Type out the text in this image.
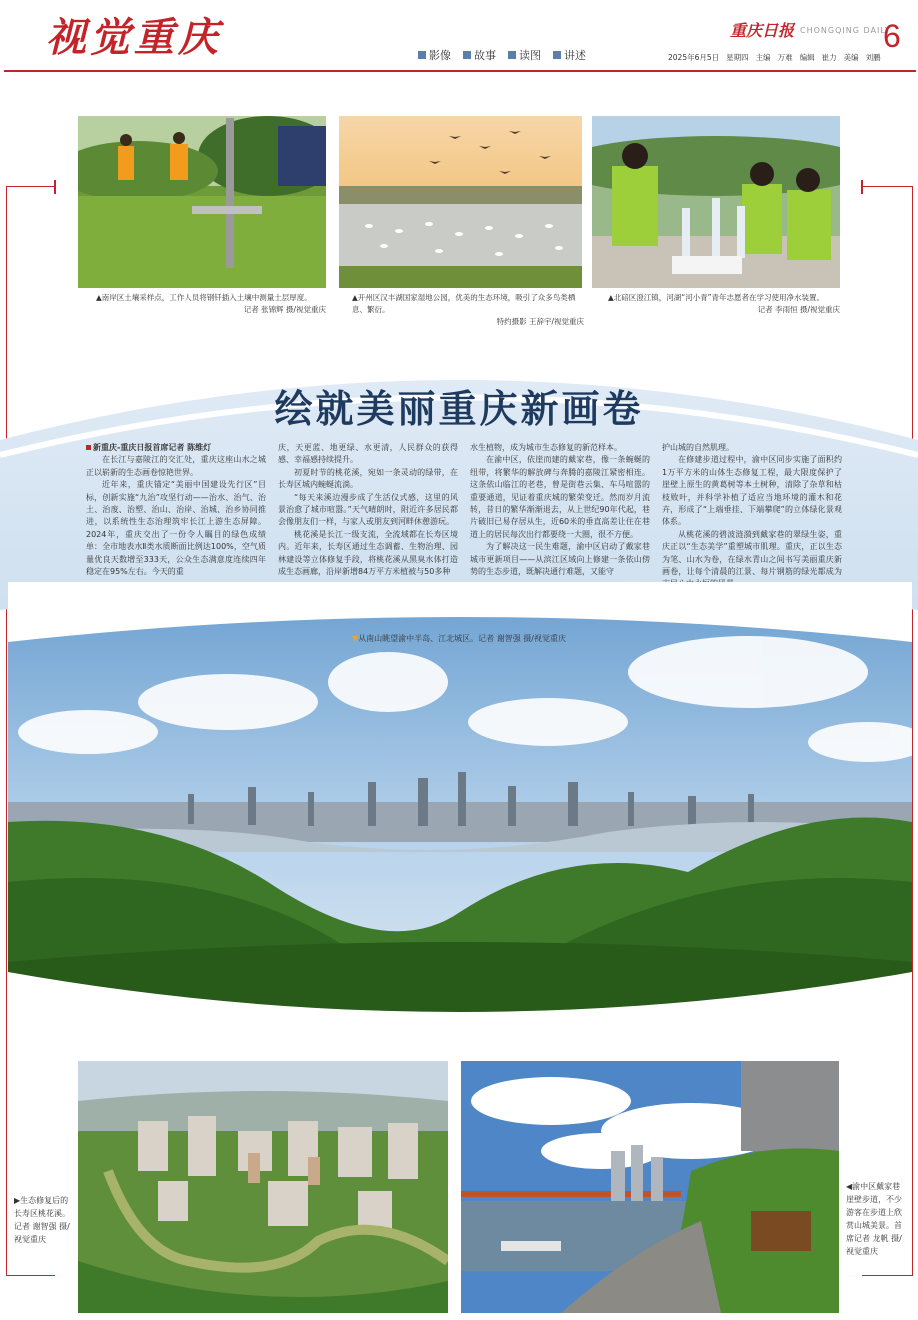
视觉重庆	影像 故事 读图 讲述
重庆日报 CHONGQING DAILY
6
2025年6月5日 星期四 主编 万难 编辑 崔力 美编 刘鹏
▲南岸区土壤采样点，工作人员将钢钎插入土壤中测量土层厚度。
记者 张锦辉 摄/视觉重庆
▲开州区汉丰湖国家湿地公园，优美的生态环境，吸引了众多鸟类栖息、繁衍。
特约摄影 王辞宇/视觉重庆
▲北碚区澄江镇，河湖“河小青”青年志愿者在学习使用净水装置。
记者 李雨恒 摄/视觉重庆
绘就美丽重庆新画卷

新重庆-重庆日报首席记者 陈维灯

在长江与嘉陵江的交汇处，重庆这座山水之城正以崭新的生态画卷惊艳世界。

近年来，重庆锚定“美丽中国建设先行区”目标，创新实施“九治”攻坚行动——治水、治气、治土、治废、治塑、治山、治岸、治城、治乡协同推进，以系统性生态治理筑牢长江上游生态屏障。2024年，重庆交出了一份令人瞩目的绿色成绩单：全市地表水Ⅱ类水质断面比例达100%，空气质量优良天数增至333天，公众生态满意度连续四年稳定在95%左右。今天的重

庆，天更蓝、地更绿、水更清，人民群众的获得感、幸福感持续提升。

初夏时节的桃花溪，宛如一条灵动的绿带，在长寿区城内蜿蜒流淌。

“每天来溪边漫步成了生活仪式感，这里的风景治愈了城市喧嚣。”天气晴朗时，附近许多居民都会像朋友们一样，与家人或朋友到河畔休憩游玩。

桃花溪是长江一级支流，全流域都在长寿区境内。近年来，长寿区通过生态调蓄、生物治理、园林建设等立体修复手段，将桃花溪从黑臭水体打造成生态画廊，沿岸新增84万平方米植被与50多种

水生植物，成为城市生态修复的新范样本。

在渝中区，依崖而建的戴家巷，像一条蜿蜒的纽带，将繁华的解放碑与奔腾的嘉陵江紧密相连。这条依山临江的老巷，曾是街巷云集、车马喧嚣的重要通道，见证着重庆城的繁荣变迁。然而岁月流转，昔日的繁华渐渐退去，从上世纪90年代起，巷片破旧已易存居从生，近60米的垂直高差让住在巷道上的居民每次出行都要绕一大圈，很不方便。

为了解决这一民生难题，渝中区启动了戴家巷城市更新项目——从滨江区域向上修建一条依山傍势的生态步道，既解决通行难题，又能守

护山城的自然肌理。

在修建步道过程中，渝中区同步实施了面积约1万平方米的山体生态修复工程，最大限度保护了崖壁上原生的黄葛树等本土树种，清除了杂草和枯枝败叶，并科学补植了适应当地环境的灌木和花卉，形成了“上端垂挂、下端攀爬”的立体绿化景观体系。

从桃花溪的碧波涟漪到戴家巷的翠绿生姿，重庆正以“生态美学”重塑城市肌理。重庆，正以生态为笔、山水为卷，在绿水青山之间书写美丽重庆新画卷，让每个清晨的江景、每片钢筋的绿光都成为

▼从南山眺望渝中半岛、江北城区。记者 谢智强 摄/视觉重庆
▶生态修复后的长寿区桃花溪。记者 谢智强 摄/视觉重庆
◀渝中区戴家巷崖壁步道，不少游客在步道上欣赏山城美景。首席记者 龙帆 摄/视觉重庆
